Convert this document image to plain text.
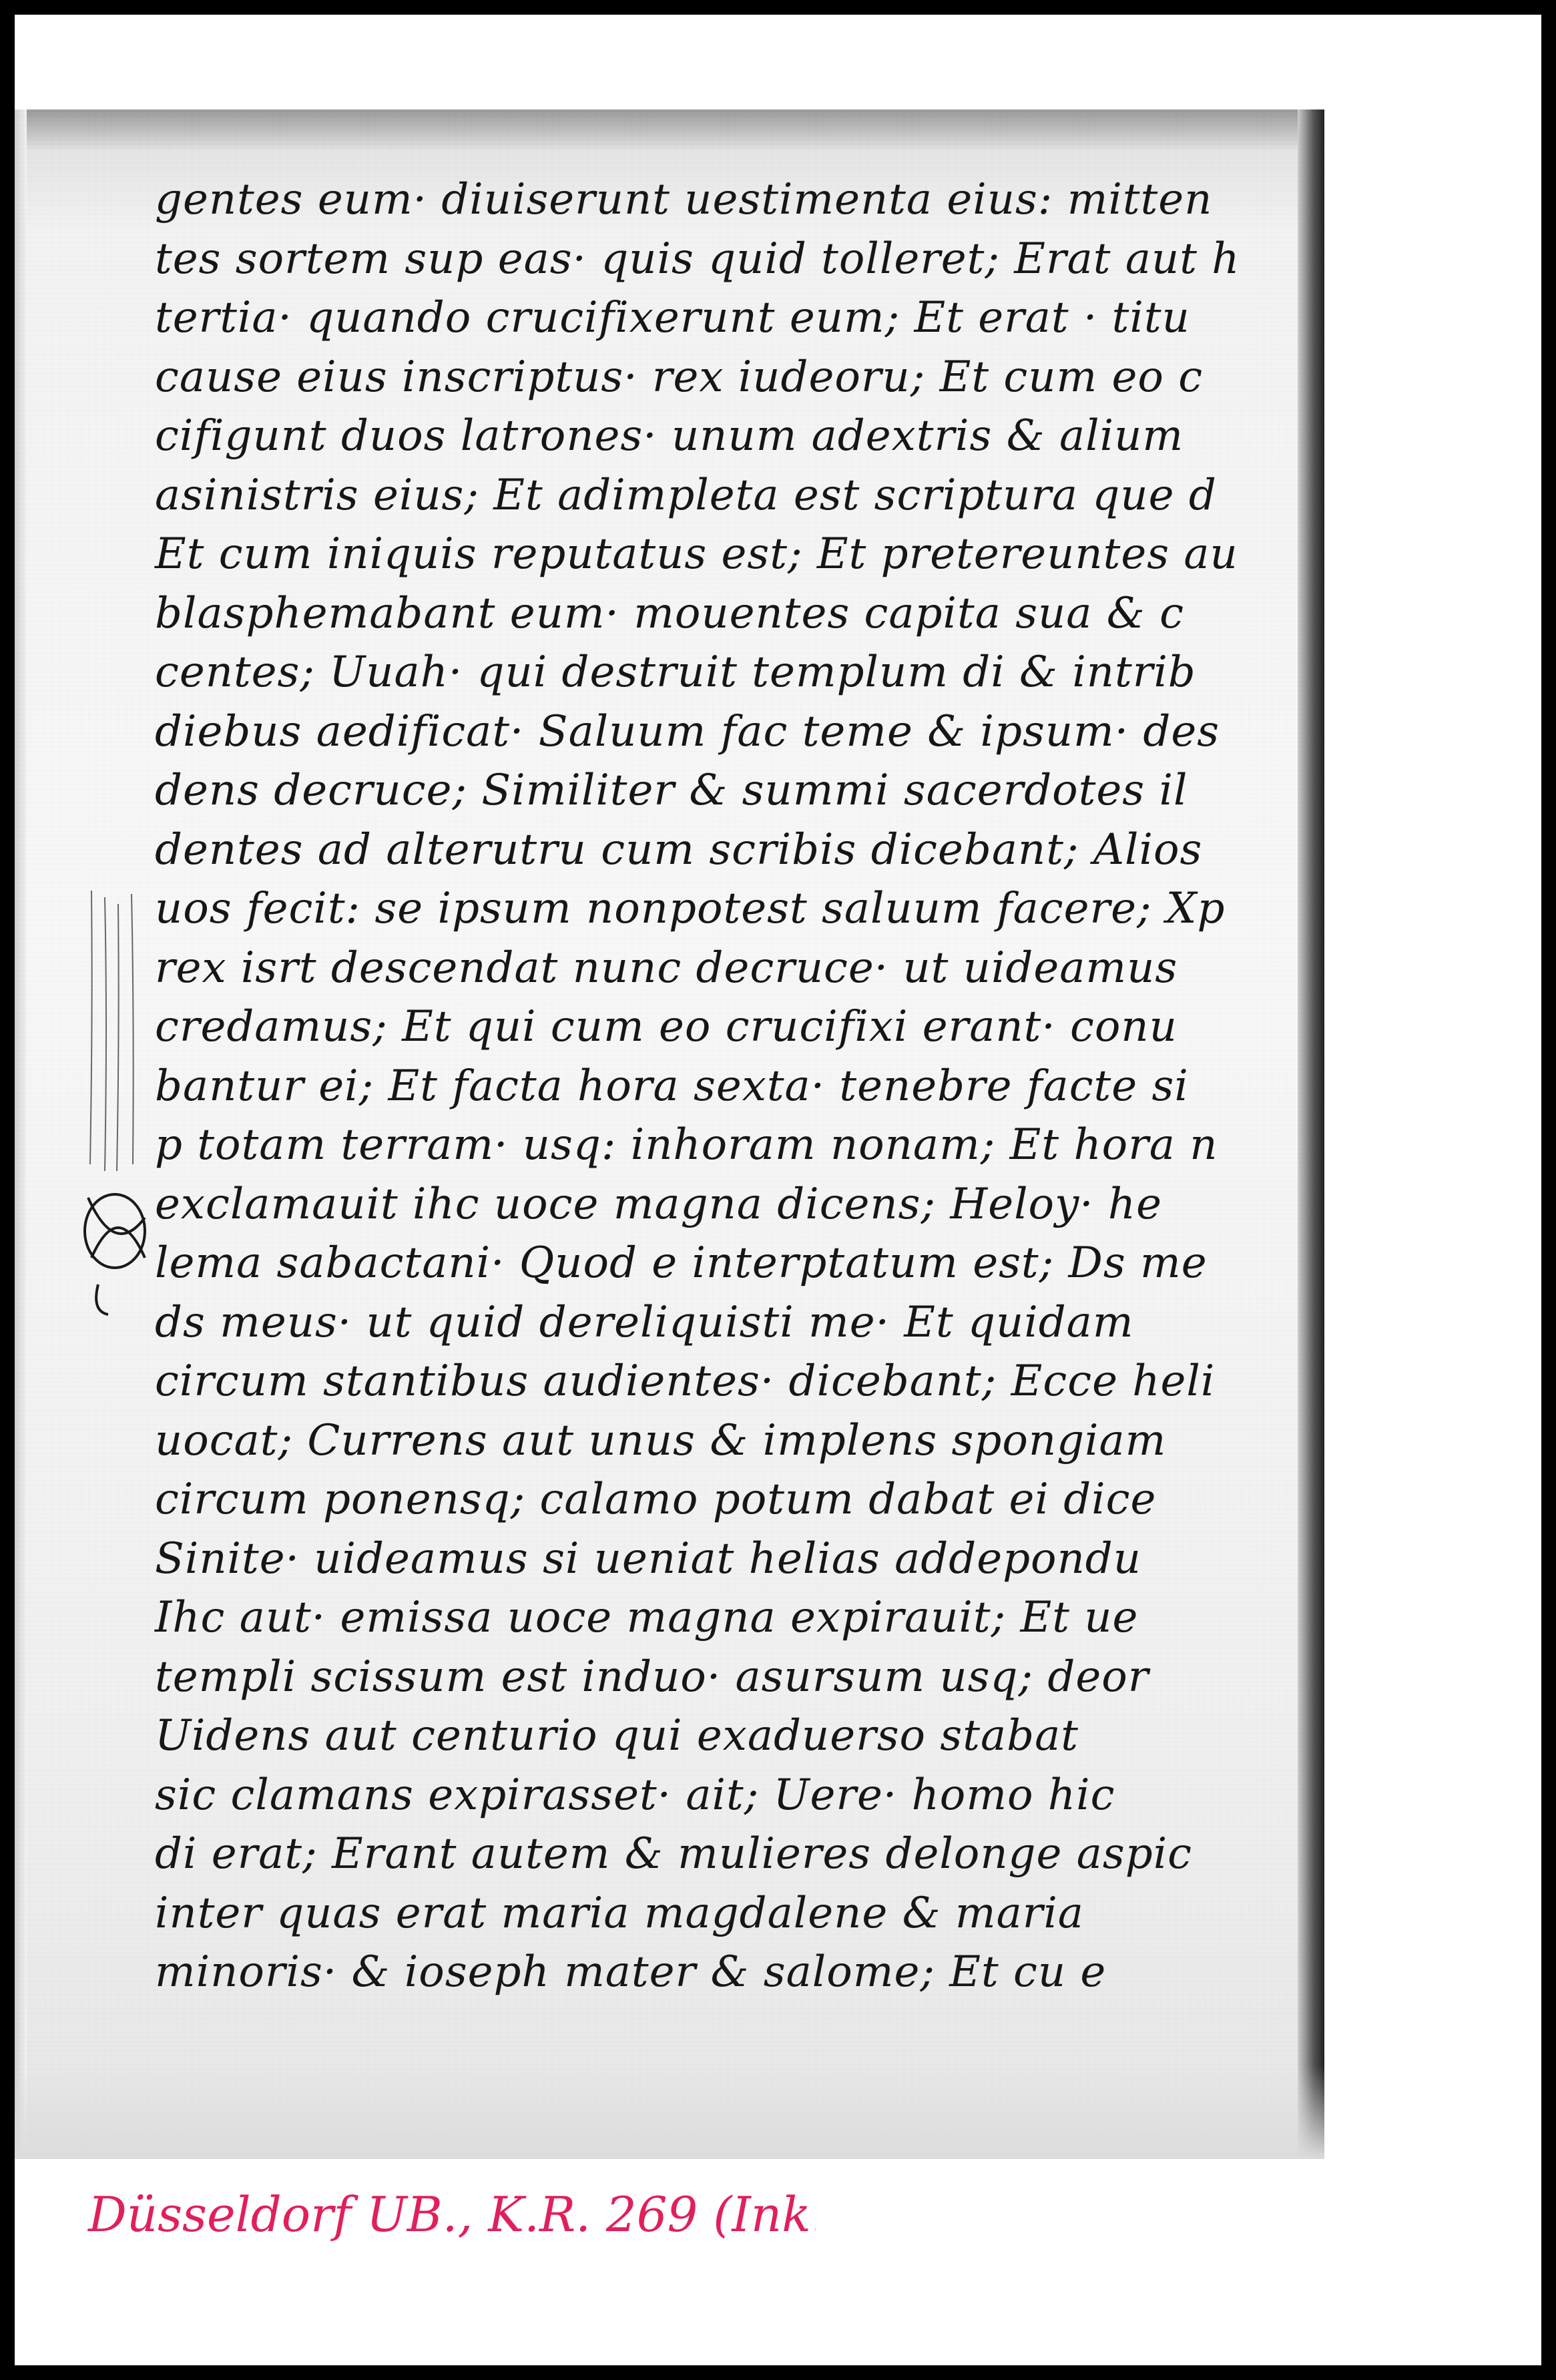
gentes eum· diuiserunt uestimenta eius: mitten
tes sortem sup eas· quis quid tolleret; Erat aut h
tertia· quando crucifixerunt eum; Et erat · titu
cause eius inscriptus· rex iudeoru; Et cum eo c
cifigunt duos latrones· unum adextris & alium
asinistris eius; Et adimpleta est scriptura que d
Et cum iniquis reputatus est; Et pretereuntes au
blasphemabant eum· mouentes capita sua & c
centes; Uuah· qui destruit templum di & intrib
diebus aedificat· Saluum fac teme & ipsum· des
dens decruce; Similiter & summi sacerdotes il
dentes ad alterutru cum scribis dicebant; Alios
uos fecit: se ipsum nonpotest saluum facere; Xp
rex isrt descendat nunc decruce· ut uideamus
credamus; Et qui cum eo crucifixi erant· conu
bantur ei; Et facta hora sexta· tenebre facte si
p totam terram· usq: inhoram nonam; Et hora n
exclamauit ihc uoce magna dicens; Heloy· he
lema sabactani· Quod e interptatum est; Ds me
ds meus· ut quid dereliquisti me· Et quidam
circum stantibus audientes· dicebant; Ecce heli
uocat; Currens aut unus & implens spongiam
circum ponensq; calamo potum dabat ei dice
Sinite· uideamus si ueniat helias addepondu
Ihc aut· emissa uoce magna expirauit; Et ue
templi scissum est induo· asursum usq; deor
Uidens aut centurio qui exaduerso stabat
sic clamans expirasset· ait; Uere· homo hic
di erat; Erant autem & mulieres delonge aspic
inter quas erat maria magdalene & maria
minoris· & ioseph mater & salome; Et cu e
Düsseldorf UB., K.R. 269 (Ink.)
